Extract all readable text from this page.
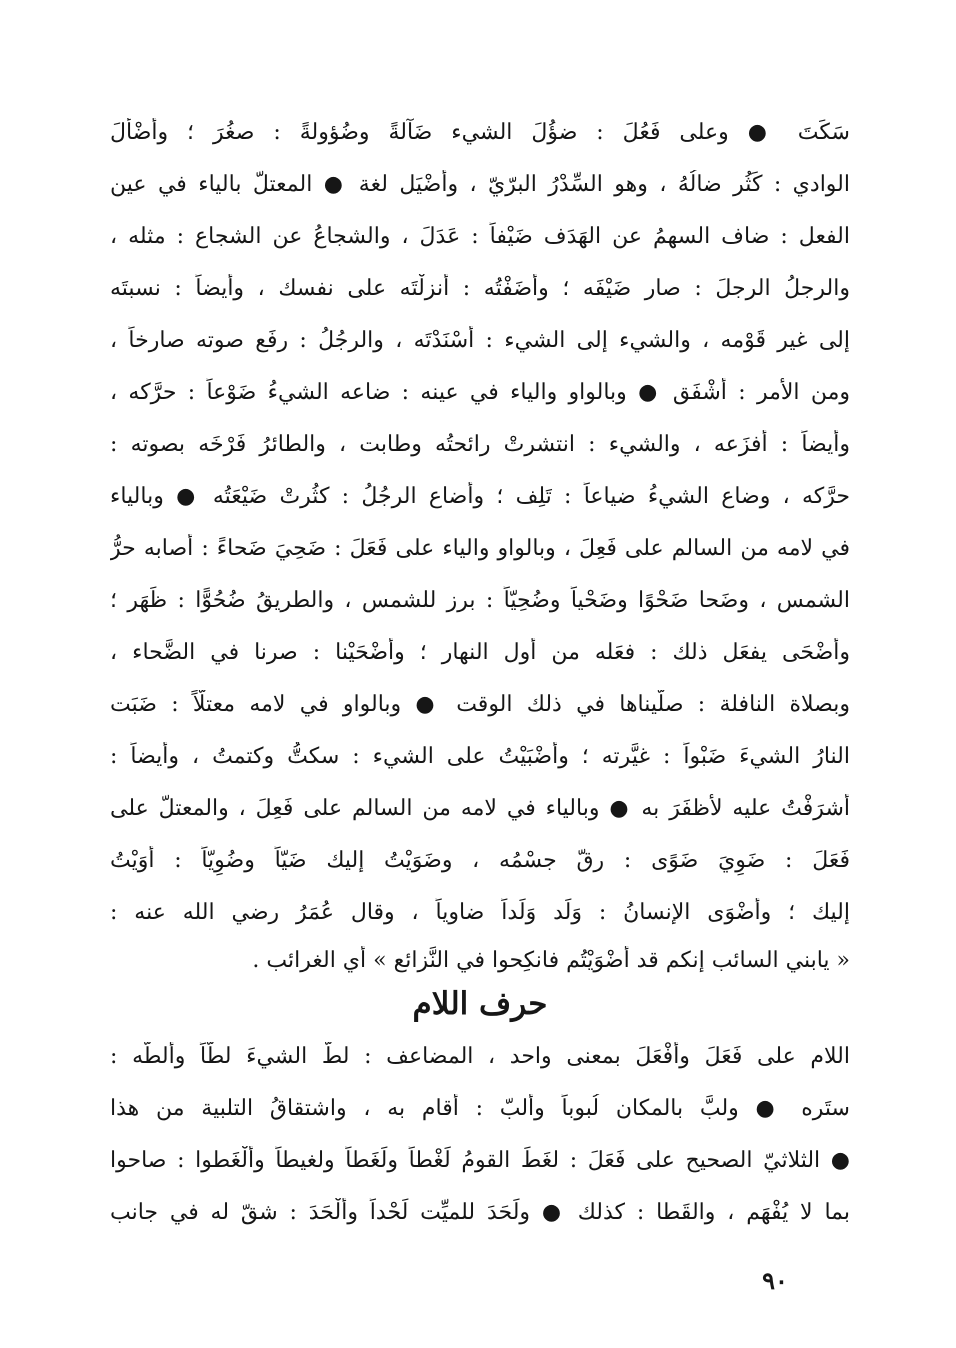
سَكَتَ ● وعلى فَعُلَ : ضؤُلَ الشيء ضَآلةً وضُؤولةً : صغُرَ ؛ وأضْأَلَ
الوادي : كَثُر ضالُهُ ، وهو السِّدْرُ البرّيّ ، وأضْيَل لغة ● المعتلّ بالياء في عين
الفعل : ضاف السهمُ عن الهَدَف ضَيْفاً : عَدَلَ ، والشجاعُ عن الشجاع : مثله ،
والرجلُ الرجلَ : صار ضَيْفَه ؛ وأضَفْتُه : أنزلْتَه على نفسك ، وأيضاً : نسبتَه
إلى غير قَوْمه ، والشيء إلى الشيء : أسْنَدْتَه ، والرجُلُ : رفَع صوته صارخاً ،
ومن الأمر : أشْفَق ● وبالواو والياء في عينه : ضاعه الشيءُ ضَوْعاً : حرَّكه ،
وأيضاً : أفزَعه ، والشيء : انتشرتْ رائحتُه وطابت ، والطائرُ فَرْخَه بصوته :
حرَّكه ، وضاع الشيءُ ضياعاً : تَلِف ؛ وأضاع الرجُلُ : كثُرتْ ضَيْعَتُه ● وبالياء
في لامه من السالم على فَعِلَ ، وبالواو والياء على فَعَلَ : ضَحِيَ ضَحاءً : أصابه حرُّ
الشمس ، وضَحا ضَحْوًا وضَحْياً وضُحِيّاً : برز للشمس ، والطريقُ ضُحُوًّا : ظَهَر ؛
وأضْحَى يفعَل ذلك : فعَله من أول النهار ؛ وأضْحَيْنا : صرنا في الضَّحاء ،
وبصلاة النافلة : صلَّيناها في ذلك الوقت ● وبالواو في لامه معتلّاً : ضَبَت
النارُ الشيءَ ضَبْواً : غيَّرته ؛ وأضْبَيْتُ على الشيء : سكتُّ وكتمتُ ، وأيضاً :
أشرَفْتُ عليه لأظفَرَ به ● وبالياء في لامه من السالم على فَعِلَ ، والمعتلّ على
فَعَلَ : ضَوِيَ ضَوًى : رقّ جسْمُه ، وضَوَيْتُ إليك ضَيّاً وضُوِيّاً : أوَيْتُ
إليك ؛ وأضْوَى الإنسانُ : وَلَد وَلَداً ضاوياً ، وقال عُمَرُ رضي الله عنه :
« يابني السائب إنكم قد أضْوَيْتُم فانكِحوا في النَّزائع » أي الغرائب .
حرف اللام
اللام على فَعَلَ وأفْعَلَ بمعنى واحد ، المضاعف : لطّ الشيءَ لطّاً وألطّه :
ستَره ● ولبَّ بالمكان لُبوباً وألبّ : أقام به ، واشتقاقُ التلبية من هذا
● الثلاثيّ الصحيح على فَعَلَ : لغَطَ القومُ لَغْطاً ولَغَطاً ولغيطاً وألْغَطوا : صاحوا
بما لا يُفْهَم ، والقَطا : كذلك ● ولَحَدَ للميِّت لَحْداً وألْحَدَ : شقّ له في جانب
٩٠
